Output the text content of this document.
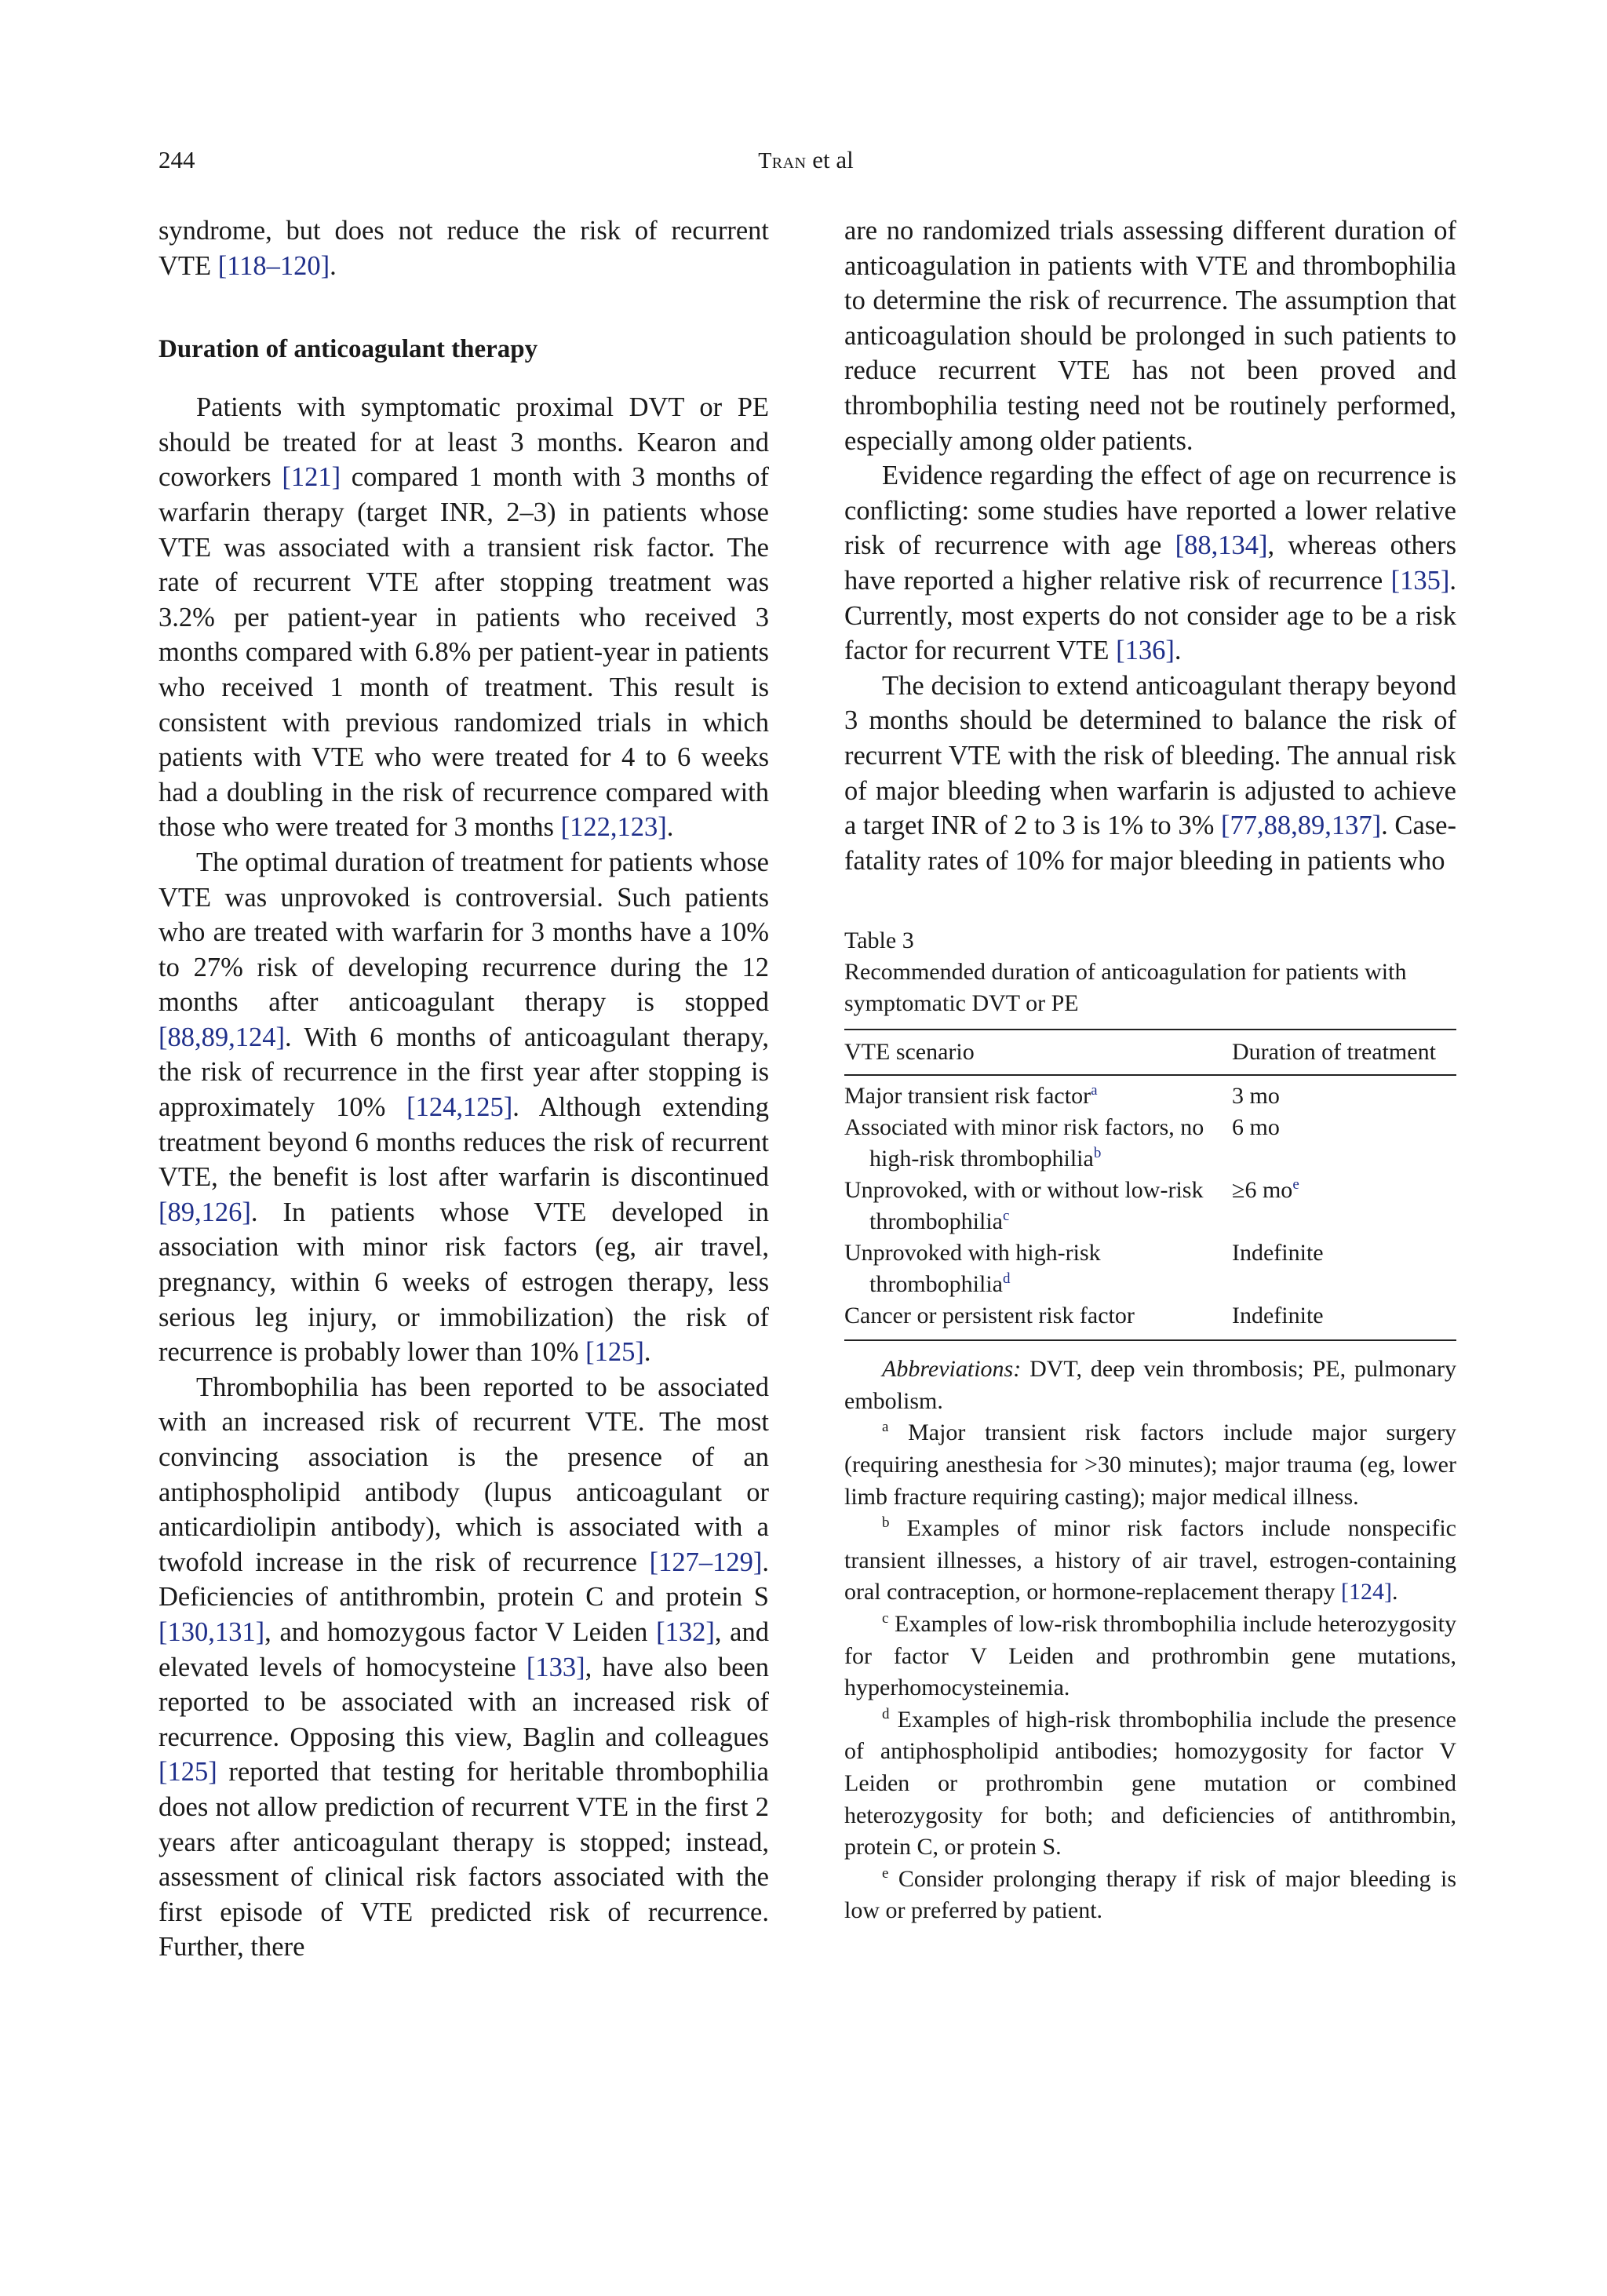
244	Tran et al

syndrome, but does not reduce the risk of recurrent VTE [118–120].

Duration of anticoagulant therapy

Patients with symptomatic proximal DVT or PE should be treated for at least 3 months. Kearon and coworkers [121] compared 1 month with 3 months of warfarin therapy (target INR, 2–3) in patients whose VTE was associated with a transient risk factor. The rate of recurrent VTE after stopping treatment was 3.2% per patient-year in patients who received 3 months compared with 6.8% per patient-year in patients who received 1 month of treatment. This result is consistent with previous randomized trials in which patients with VTE who were treated for 4 to 6 weeks had a doubling in the risk of recurrence compared with those who were treated for 3 months [122,123].

The optimal duration of treatment for patients whose VTE was unprovoked is controversial. Such patients who are treated with warfarin for 3 months have a 10% to 27% risk of developing recurrence during the 12 months after anticoagulant therapy is stopped [88,89,124]. With 6 months of anticoagulant therapy, the risk of recurrence in the first year after stopping is approximately 10% [124,125]. Although extending treatment beyond 6 months reduces the risk of recurrent VTE, the benefit is lost after warfarin is discontinued [89,126]. In patients whose VTE developed in association with minor risk factors (eg, air travel, pregnancy, within 6 weeks of estrogen therapy, less serious leg injury, or immobilization) the risk of recurrence is probably lower than 10% [125].

Thrombophilia has been reported to be associated with an increased risk of recurrent VTE. The most convincing association is the presence of an antiphospholipid antibody (lupus anticoagulant or anticardiolipin antibody), which is associated with a twofold increase in the risk of recurrence [127–129]. Deficiencies of antithrombin, protein C and protein S [130,131], and homozygous factor V Leiden [132], and elevated levels of homocysteine [133], have also been reported to be associated with an increased risk of recurrence. Opposing this view, Baglin and colleagues [125] reported that testing for heritable thrombophilia does not allow prediction of recurrent VTE in the first 2 years after anticoagulant therapy is stopped; instead, assessment of clinical risk factors associated with the first episode of VTE predicted risk of recurrence. Further, there

are no randomized trials assessing different duration of anticoagulation in patients with VTE and thrombophilia to determine the risk of recurrence. The assumption that anticoagulation should be prolonged in such patients to reduce recurrent VTE has not been proved and thrombophilia testing need not be routinely performed, especially among older patients.

Evidence regarding the effect of age on recurrence is conflicting: some studies have reported a lower relative risk of recurrence with age [88,134], whereas others have reported a higher relative risk of recurrence [135]. Currently, most experts do not consider age to be a risk factor for recurrent VTE [136].

The decision to extend anticoagulant therapy beyond 3 months should be determined to balance the risk of recurrent VTE with the risk of bleeding. The annual risk of major bleeding when warfarin is adjusted to achieve a target INR of 2 to 3 is 1% to 3% [77,88,89,137]. Case-fatality rates of 10% for major bleeding in patients who

Table 3

Recommended duration of anticoagulation for patients with symptomatic DVT or PE

VTE scenario	Duration of treatment
Major transient risk factor$^a$	3 mo
Associated with minor risk factors, no high-risk thrombophilia$^b$	6 mo
Unprovoked, with or without low-risk thrombophilia$^c$	≥6 $mo^e$
Unprovoked with high-risk thrombophilia$^d$	Indefinite
Cancer or persistent risk factor	Indefinite

Abbreviations: DVT, deep vein thrombosis; PE, pulmonary embolism.

$^a$ Major transient risk factors include major surgery (requiring anesthesia for >30 minutes); major trauma (eg, lower limb fracture requiring casting); major medical illness.

$^b$ Examples of minor risk factors include nonspecific transient illnesses, a history of air travel, estrogen-containing oral contraception, or hormone-replacement therapy [124].

$^c$ Examples of low-risk thrombophilia include heterozygosity for factor V Leiden and prothrombin gene mutations, hyperhomocysteinemia.

$^d$ Examples of high-risk thrombophilia include the presence of antiphospholipid antibodies; homozygosity for factor V Leiden or prothrombin gene mutation or combined heterozygosity for both; and deficiencies of antithrombin, protein C, or protein S.

$^e$ Consider prolonging therapy if risk of major bleeding is low or preferred by patient.
